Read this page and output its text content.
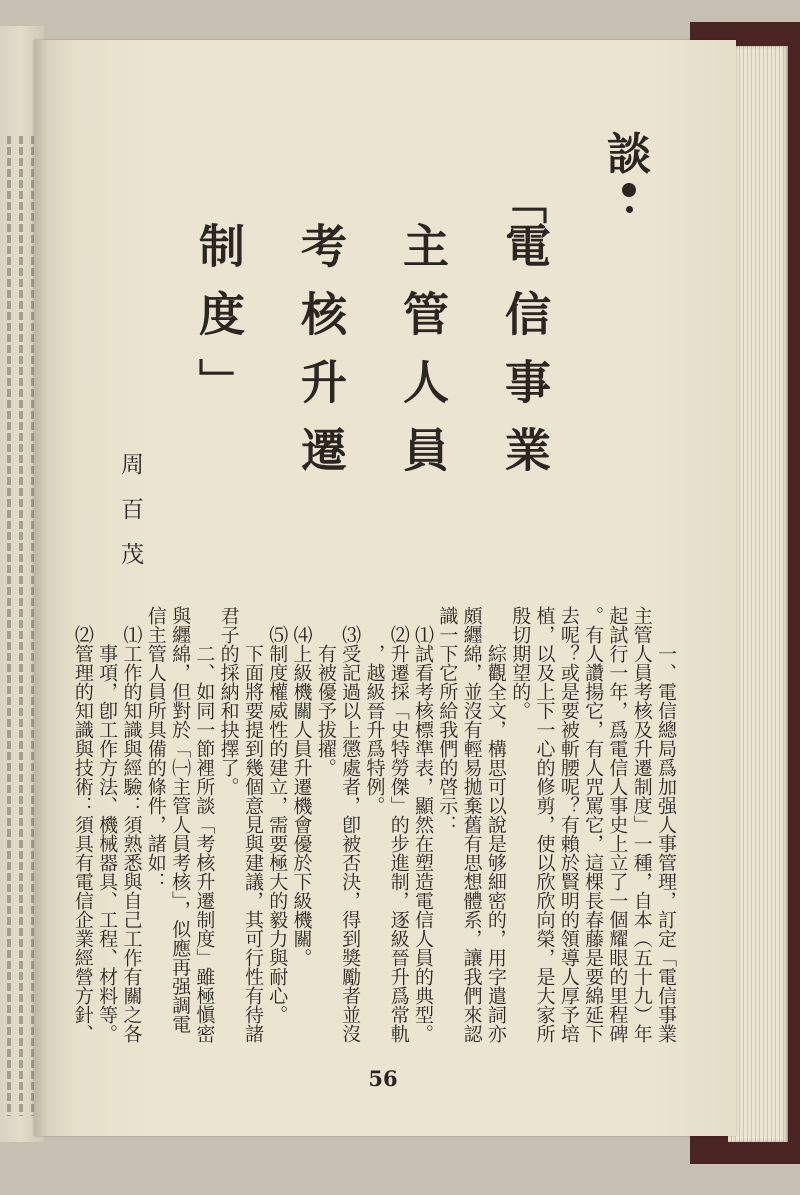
談
「
電信事業
主管人員
考核升遷
制度」
周百茂
一、電信總局爲加强人事管理，訂定「電信事業
主管人員考核及升遷制度」一種，自本（五十九）年
起試行一年，爲電信人事史上立了一個耀眼的里程碑
。有人讚揚它，有人咒罵它，這棵長春藤是要綿延下
去呢？或是要被斬腰呢？有賴於賢明的領導人厚予培
植，以及上下一心的修剪，使以欣欣向榮，是大家所
殷切期望的。
綜觀全文，構思可以說是够細密的，用字遣詞亦
頗纒綿，並沒有輕易拋棄舊有思想體系，讓我們來認
識一下它所給我們的啓示：
⑴試看考核標準表，顯然在塑造電信人員的典型。
⑵升遷採「史特勞傑」的步進制，逐級晉升爲常軌
，越級晉升爲特例。
⑶受記過以上懲處者，卽被否決，得到獎勵者並沒
有被優予拔擢。
⑷上級機關人員升遷機會優於下級機關。
⑸制度權威性的建立，需要極大的毅力與耐心。
下面將要提到幾個意見與建議，其可行性有待諸
君子的採納和抉擇了。
二、如同一節裡所談「考核升遷制度」雖極愼密
與纒綿，但對於「㈠主管人員考核」，似應再强調電
信主管人員所具備的條件，諸如：
⑴工作的知識與經驗：須熟悉與自己工作有關之各
事項，卽工作方法、機械器具、工程、材料等。
⑵管理的知識與技術：須具有電信企業經營方針、
56
